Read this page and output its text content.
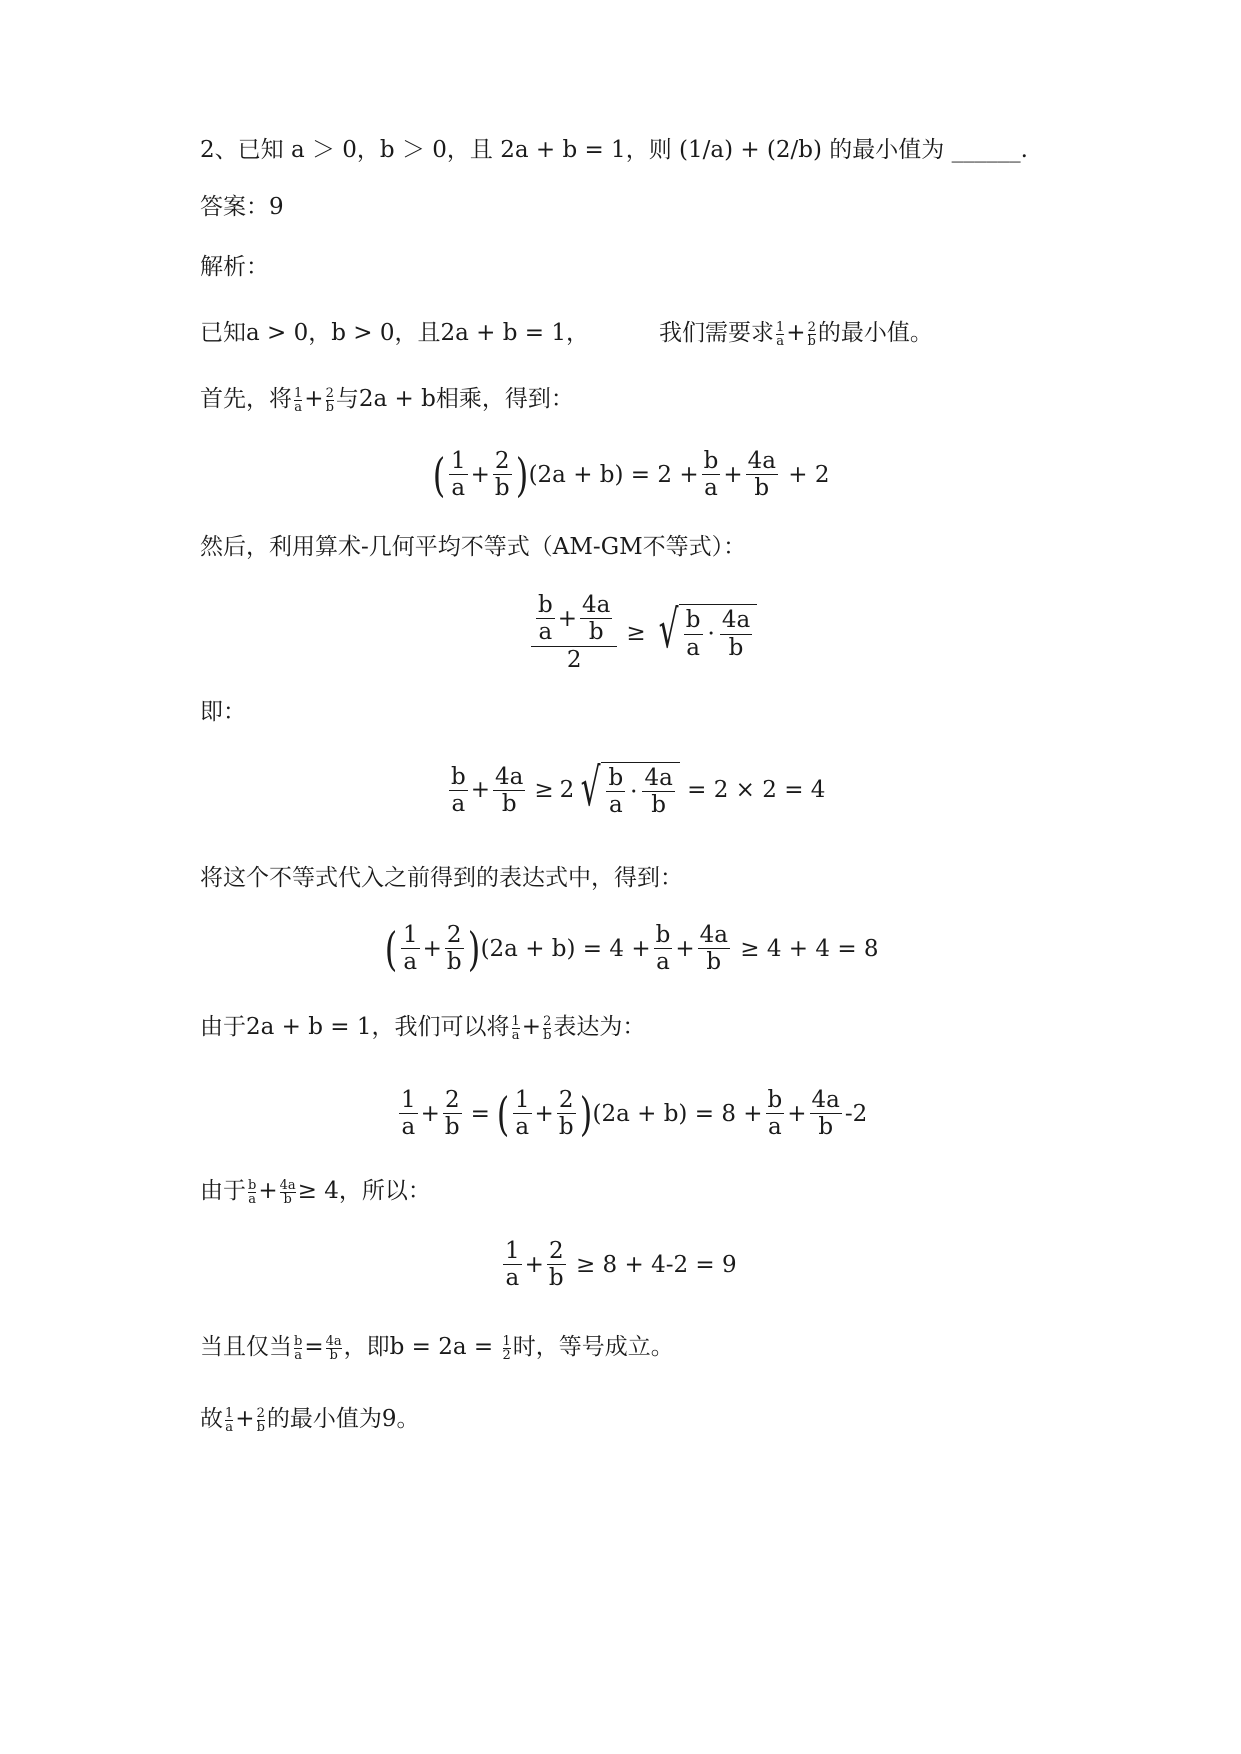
2、已知 a ＞ 0，b ＞ 0，且 2a + b = 1，则 (1/a) + (2/b) 的最小值为 ______.
答案：9
解析：
已知a > 0，b > 0，且2a + b = 1，	我们需要求 $\frac{1}{a} + \frac{2}{b}$ 的最小值。
首先，将 $\frac{1}{a} + \frac{2}{b}$ 与2a + b相乘，得到：
( $\frac{1}{a} + \frac{2}{b}$ ) (2a + b) =
$2 + \frac{b}{a} + \frac{4a}{b}$
+ 2
然后，利用算术-几何平均不等式（AM-GM不等式）：
$\frac{\frac{b}{a} + \frac{4a}{b}}{2}$ ≥ √ $\frac{b}{a} \cdot \frac{4a}{b}$
即：
$\frac{b}{a} + \frac{4a}{b} \ge 2$ √ $\frac{b}{a} \cdot \frac{4a}{b}$
= 2 × 2 = 4
将这个不等式代入之前得到的表达式中，得到：
( $\frac{1}{a} + \frac{2}{b}$ ) (2a + b) =
$4 + \frac{b}{a} + \frac{4a}{b}$
≥ 4 + 4 = 8
由于2a + b = 1，我们可以将 $\frac{1}{a} + \frac{2}{b}$ 表达为：
$\frac{1}{a} + \frac{2}{b}$ = ( $\frac{1}{a} + \frac{2}{b}$ ) (2a + b) =
$8 + \frac{b}{a} + \frac{4a}{b} -2$
由于 $\frac{b}{a} + \frac{4a}{b} \ge 4$，所以：
$\frac{1}{a} + \frac{2}{b}$
≥ 8 + 4-2 = 9
当且仅当 $\frac{b}{a} = \frac{4a}{b}$ ，即$b = 2a = \frac{1}{2}$ 时，等号成立。
故 $\frac{1}{a} + \frac{2}{b}$ 的最小值为9。
